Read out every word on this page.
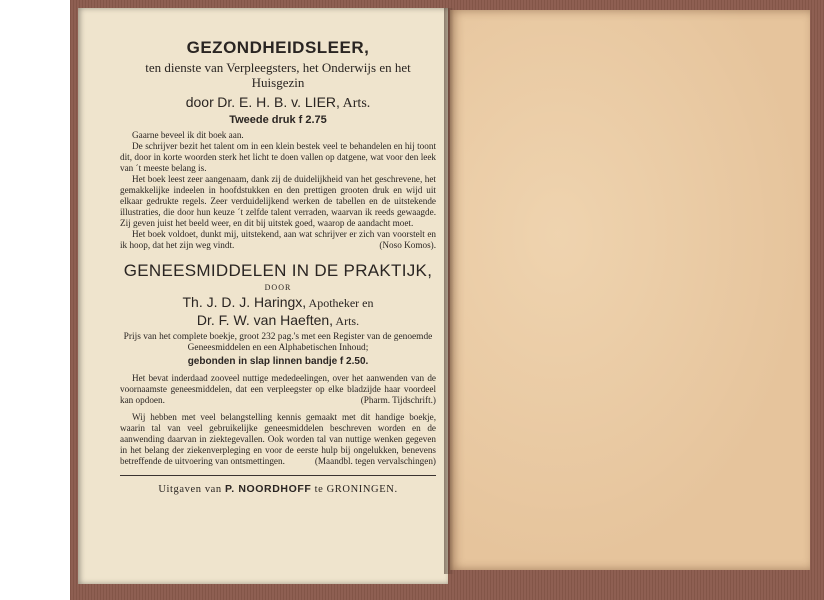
GEZONDHEIDSLEER,
ten dienste van Verpleegsters, het Onderwijs en het Huisgezin
door Dr. E. H. B. v. LIER, Arts.
Tweede druk f 2.75

Gaarne beveel ik dit boek aan.

De schrijver bezit het talent om in een klein bestek veel te behandelen en hij toont dit, door in korte woorden sterk het licht te doen vallen op datgene, wat voor den leek van ´t meeste belang is.

Het boek leest zeer aangenaam, dank zij de duidelijkheid van het geschrevene, het gemakkelijke indeelen in hoofdstukken en den prettigen grooten druk en wijd uit elkaar gedrukte regels. Zeer verduidelijkend werken de tabellen en de uitstekende illustraties, die door hun keuze ´t zelfde talent verraden, waarvan ik reeds gewaagde. Zij geven juist het beeld weer, en dit bij uitstek goed, waarop de aandacht moet.

Het boek voldoet, dunkt mij, uitstekend, aan wat schrijver er zich van voorstelt en ik hoop, dat het zijn weg vindt.	(Noso Komos).

GENEESMIDDELEN IN DE PRAKTIJK,
DOOR
Th. J. D. J. Haringx, Apotheker en
Dr. F. W. van Haeften, Arts.
Prijs van het complete boekje, groot 232 pag.'s met een Register van de genoemde Geneesmiddelen en een Alphabetischen Inhoud;
gebonden in slap linnen bandje f 2.50.

Het bevat inderdaad zooveel nuttige mededeelingen, over het aanwenden van de voornaamste geneesmiddelen, dat een verpleegster op elke bladzijde haar voordeel kan opdoen.	(Pharm. Tijdschrift.)

Wij hebben met veel belangstelling kennis gemaakt met dit handige boekje, waarin tal van veel gebruikelijke geneesmiddelen beschreven worden en de aanwending daarvan in ziektegevallen. Ook worden tal van nuttige wenken gegeven in het belang der ziekenverpleging en voor de eerste hulp bij ongelukken, benevens betreffende de uitvoering van ontsmettingen.	(Maandbl. tegen vervalschingen)

Uitgaven van P. NOORDHOFF te GRONINGEN.
